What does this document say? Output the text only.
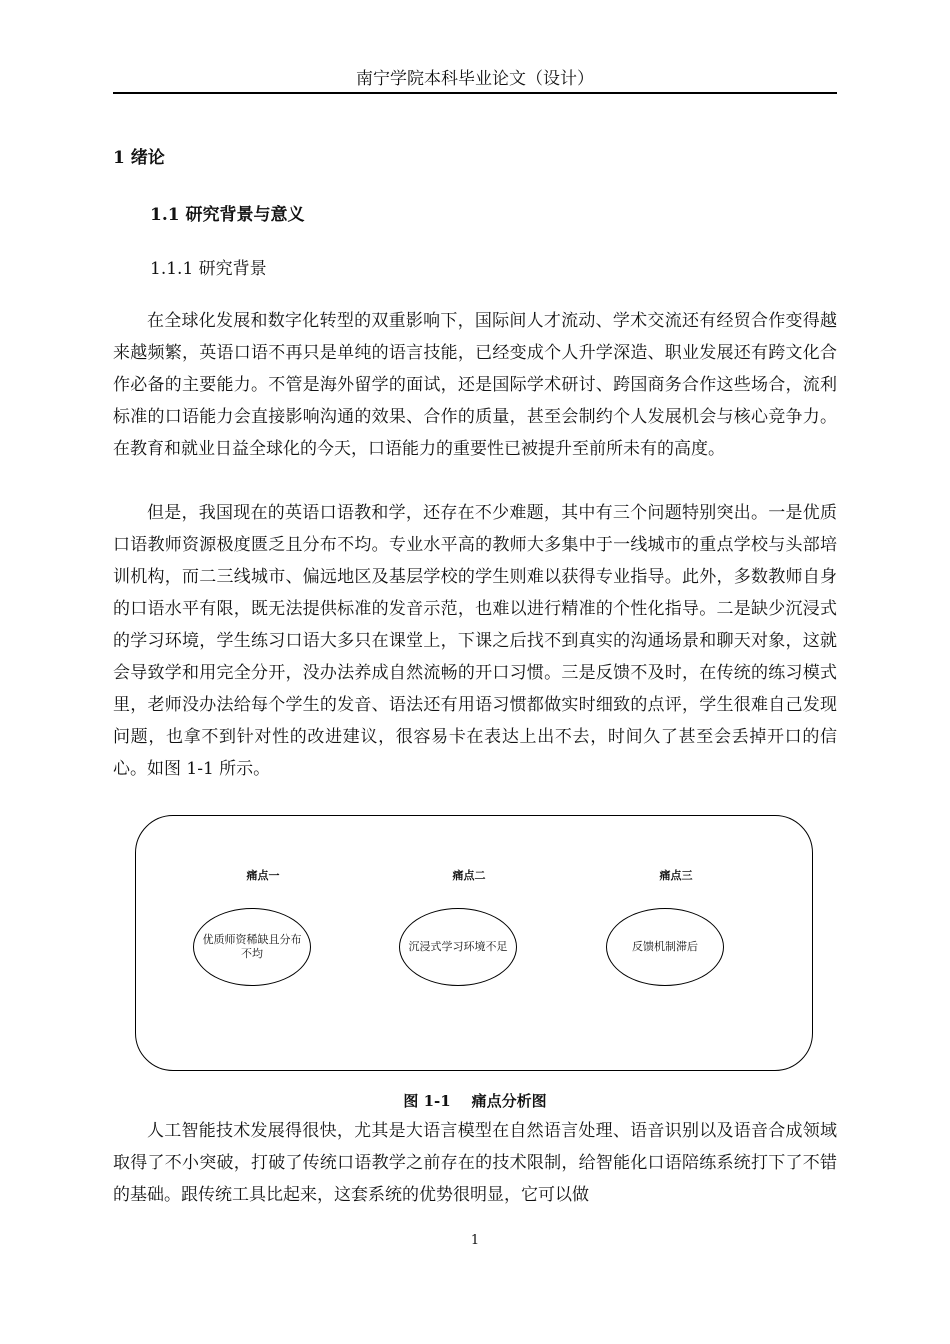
南宁学院本科毕业论文（设计）
1 绪论
1.1 研究背景与意义
1.1.1 研究背景

在全球化发展和数字化转型的双重影响下，国际间人才流动、学术交流还有经贸合作变得越来越频繁，英语口语不再只是单纯的语言技能，已经变成个人升学深造、职业发展还有跨文化合作必备的主要能力。不管是海外留学的面试，还是国际学术研讨、跨国商务合作这些场合，流利标准的口语能力会直接影响沟通的效果、合作的质量，甚至会制约个人发展机会与核心竞争力。在教育和就业日益全球化的今天，口语能力的重要性已被提升至前所未有的高度。

但是，我国现在的英语口语教和学，还存在不少难题，其中有三个问题特别突出。一是优质口语教师资源极度匮乏且分布不均。专业水平高的教师大多集中于一线城市的重点学校与头部培训机构，而二三线城市、偏远地区及基层学校的学生则难以获得专业指导。此外，多数教师自身的口语水平有限，既无法提供标准的发音示范，也难以进行精准的个性化指导。二是缺少沉浸式的学习环境，学生练习口语大多只在课堂上，下课之后找不到真实的沟通场景和聊天对象，这就会导致学和用完全分开，没办法养成自然流畅的开口习惯。三是反馈不及时，在传统的练习模式里，老师没办法给每个学生的发音、语法还有用语习惯都做实时细致的点评，学生很难自己发现问题，也拿不到针对性的改进建议，很容易卡在表达上出不去，时间久了甚至会丢掉开口的信心。如图 1-1 所示。

痛点一
优质师资稀缺且分布不均
痛点二
沉浸式学习环境不足
痛点三
反馈机制滞后
图 1-1    痛点分析图

人工智能技术发展得很快，尤其是大语言模型在自然语言处理、语音识别以及语音合成领域取得了不小突破，打破了传统口语教学之前存在的技术限制，给智能化口语陪练系统打下了不错的基础。跟传统工具比起来，这套系统的优势很明显，它可以做

1
